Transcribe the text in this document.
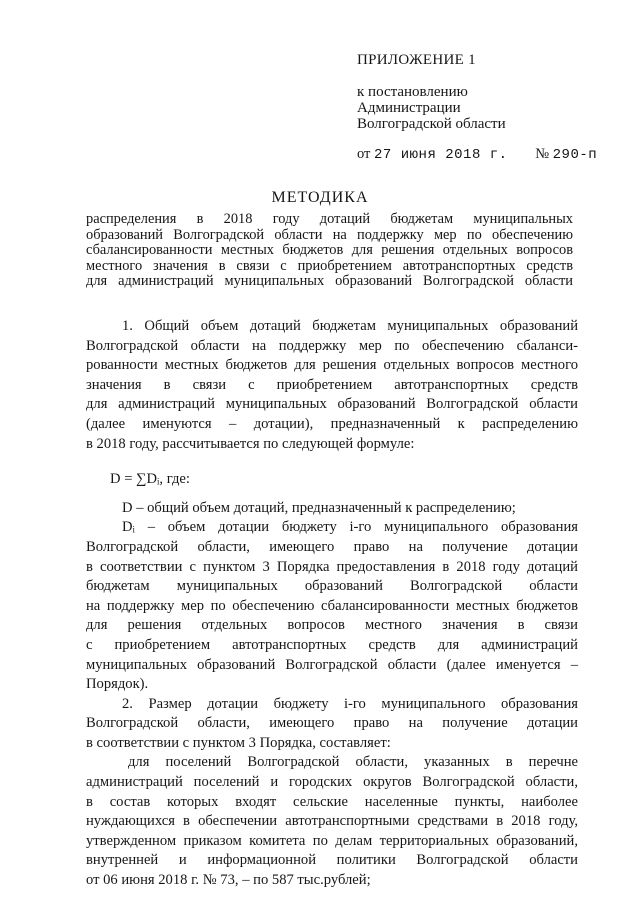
ПРИЛОЖЕНИЕ 1
к постановлению
Администрации
Волгоградской области
от 27 июня 2018 г. № 290-п
МЕТОДИКА
распределения в 2018 году дотаций бюджетам муниципальных
образований Волгоградской области на поддержку мер по обеспечению
сбалансированности местных бюджетов для решения отдельных вопросов
местного значения в связи с приобретением автотранспортных средств
для администраций муниципальных образований Волгоградской области
1. Общий объем дотаций бюджетам муниципальных образований
Волгоградской области на поддержку мер по обеспечению сбаланси-
рованности местных бюджетов для решения отдельных вопросов местного
значения в связи с приобретением автотранспортных средств
для администраций муниципальных образований Волгоградской области
(далее именуются – дотации), предназначенный к распределению
в 2018 году, рассчитывается по следующей формуле:
D = ∑Dᵢ, где:
D – общий объем дотаций, предназначенный к распределению;
Dᵢ – объем дотации бюджету i-го муниципального образования
Волгоградской области, имеющего право на получение дотации
в соответствии с пунктом 3 Порядка предоставления в 2018 году дотаций
бюджетам муниципальных образований Волгоградской области
на поддержку мер по обеспечению сбалансированности местных бюджетов
для решения отдельных вопросов местного значения в связи
с приобретением автотранспортных средств для администраций
муниципальных образований Волгоградской области (далее именуется –
Порядок).
2. Размер дотации бюджету i-го муниципального образования
Волгоградской области, имеющего право на получение дотации
в соответствии с пунктом 3 Порядка, составляет:
для поселений Волгоградской области, указанных в перечне
администраций поселений и городских округов Волгоградской области,
в состав которых входят сельские населенные пункты, наиболее
нуждающихся в обеспечении автотранспортными средствами в 2018 году,
утвержденном приказом комитета по делам территориальных образований,
внутренней и информационной политики Волгоградской области
от 06 июня 2018 г. № 73, – по 587 тыс.рублей;
